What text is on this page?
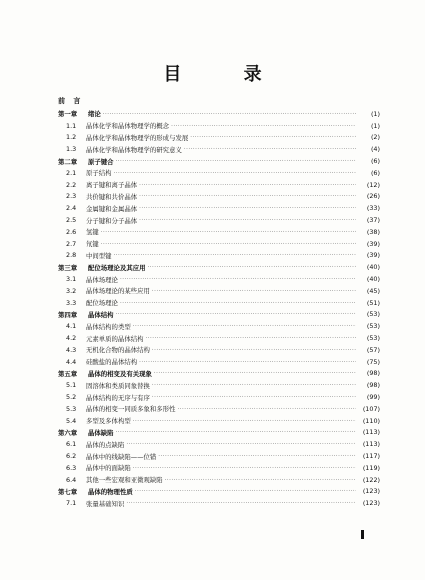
目 录
前 言
第一章	绪论 ·····	(1)
1.1	晶体化学和晶体物理学的概念 ·····	(1)
1.2	晶体化学和晶体物理学的形成与发展 ·····	(2)
1.3	晶体化学和晶体物理学的研究意义 ·····	(4)
第二章	原子键合 ·····	(6)
2.1	原子结构 ·····	(6)
2.2	离子键和离子晶体 ·····	(12)
2.3	共价键和共价晶体 ·····	(26)
2.4	金属键和金属晶体 ·····	(33)
2.5	分子键和分子晶体 ·····	(37)
2.6	氢键 ·····	(38)
2.7	氘键 ·····	(39)
2.8	中间型键 ·····	(39)
第三章	配位场理论及其应用 ·····	(40)
3.1	晶体场理论 ·····	(40)
3.2	晶体场理论的某些应用 ·····	(45)
3.3	配位场理论 ·····	(51)
第四章	晶体结构 ·····	(53)
4.1	晶体结构的类型 ·····	(53)
4.2	元素单质的晶体结构 ·····	(53)
4.3	无机化合物的晶体结构 ·····	(57)
4.4	硅酸盐的晶体结构 ·····	(75)
第五章	晶体的相变及有关现象 ·····	(98)
5.1	固溶体和类质同象替换 ·····	(98)
5.2	晶体结构的无序与有序 ·····	(99)
5.3	晶体的相变一同质多象和多形性 ·····	(107)
5.4	多型及多体构型 ·····	(110)
第六章	晶体缺陷 ·····	(113)
6.1	晶体的点缺陷 ·····	(113)
6.2	晶体中的线缺陷——位错 ·····	(117)
6.3	晶体中的面缺陷 ·····	(119)
6.4	其他一些宏观和亚微观缺陷 ·····	(122)
第七章	晶体的物理性质 ·····	(123)
7.1	张量基础知识 ·····	(123)
